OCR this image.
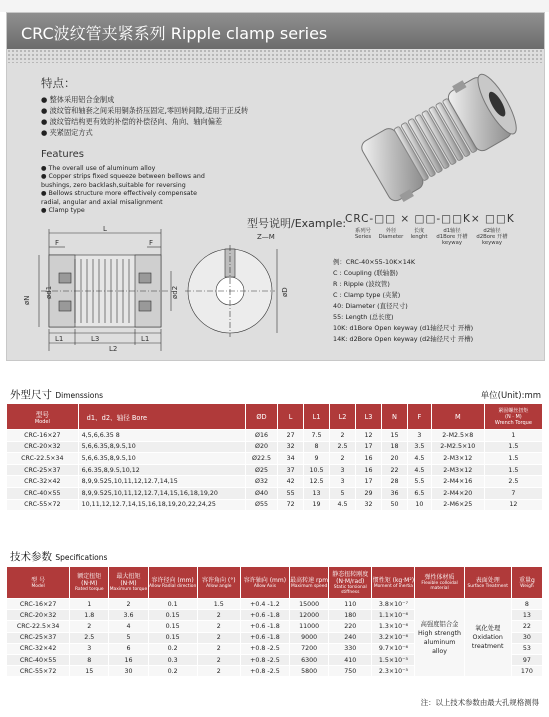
CRC波纹管夹紧系列 Ripple clamp series
特点：
● 整体采用铝合金制成
● 波纹管和轴套之间采用铜条挤压固定,零回转间隙,适用于正反转
● 波纹管结构更有效的补偿的补偿径向、角向、轴向偏差
● 夹紧固定方式
Features
● The overall use of aluminum alloy
● Copper strips fixed squeeze between bellows and bushings, zero backlash,suitable for reversing
● Bellows structure more effectively compensate radial, angular and axial misalignment
● Clamp type
L
F	F
L1	L3
L2
L1
øN
ød1	ød2	øD
Z—M
型号说明/Example:
CRC-□□ × □□-□□K× □□K
系列号
Series
外径
Diameter
长度
lenght
d1轴径
d1Bore 开槽 keyway
d2轴径
d2Bore 开槽 keyway
例：CRC-40×55-10K×14K
C : Coupling (联轴器)
R : Ripple (波纹管)
C : Clamp type (夹紧)
40: Diameter (直径尺寸)
55: Length (总长度)
10K: d1Bore Open keyway (d1轴径尺寸 开槽)
14K: d2Bore Open keyway (d2轴径尺寸 开槽)
外型尺寸 Dimenssions	单位(Unit):mm
型号
Model	d1、d2、轴径 Bore	ØD	L	L1	L2	L3	N	F	M	紧固螺丝扭矩
(N · M)
Wrench Torque
CRC-16×27	4,5,6,6.35 8	Ø16	27	7.5	2	12	15	3	2-M2.5×8	1
CRC-20×32	5,6,6.35,8,9.5,10	Ø20	32	8	2.5	17	18	3.5	2-M2.5×10	1.5
CRC-22.5×34	5,6,6.35,8,9.5,10	Ø22.5	34	9	2	16	20	4.5	2-M3×12	1.5
CRC-25×37	6,6.35,8,9.5,10,12	Ø25	37	10.5	3	16	22	4.5	2-M3×12	1.5
CRC-32×42	8,9,9.525,10,11,12,12.7,14,15	Ø32	42	12.5	3	17	28	5.5	2-M4×16	2.5
CRC-40×55	8,9,9.525,10,11,12,12.7,14,15,16,18,19,20	Ø40	55	13	5	29	36	6.5	2-M4×20	7
CRC-55×72	10,11,12,12.7,14,15,16,18,19,20,22,24,25	Ø55	72	19	4.5	32	50	10	2-M6×25	12
技术参数 Specifications
型 号
Model	额定扭矩 (N·M)
Rated torque	最大扭矩 (N·M)
Maximum torque	容许径向 (mm)
Allow Radial direction	容许角向 (°)
Allow angle	容许轴向 (mm)
Allow Axis	最高转速 rpm
Maximum speed	静态扭转刚度 (N·M/rad)
Static torsional stiffness	惯性矩 (kg·M²)
Moment of inertia	弹性体材质
Flexible colloidal material	表面处理
Surface Treatment	重量g
Weigh

CRC-16×27	1	2	0.1	1.5	+0.4 -1.2	15000	110	3.8×10⁻⁷	高强度铝合金 High strength aluminum alloy	氧化处理 Oxidation treatment	8
CRC-20×32	1.8	3.6	0.15	2	+0.6 -1.8	12000	180	1.1×10⁻⁶			13
CRC-22.5×34	2	4	0.15	2	+0.6 -1.8	11000	220	1.3×10⁻⁶			22
CRC-25×37	2.5	5	0.15	2	+0.6 -1.8	9000	240	3.2×10⁻⁶			30
CRC-32×42	3	6	0.2	2	+0.8 -2.5	7200	330	9.7×10⁻⁶			53
CRC-40×55	8	16	0.3	2	+0.8 -2.5	6300	410	1.5×10⁻⁵			97
CRC-55×72	15	30	0.2	2	+0.8 -2.5	5800	750	2.3×10⁻⁵			170
注：以上技术参数由最大孔规格测得
